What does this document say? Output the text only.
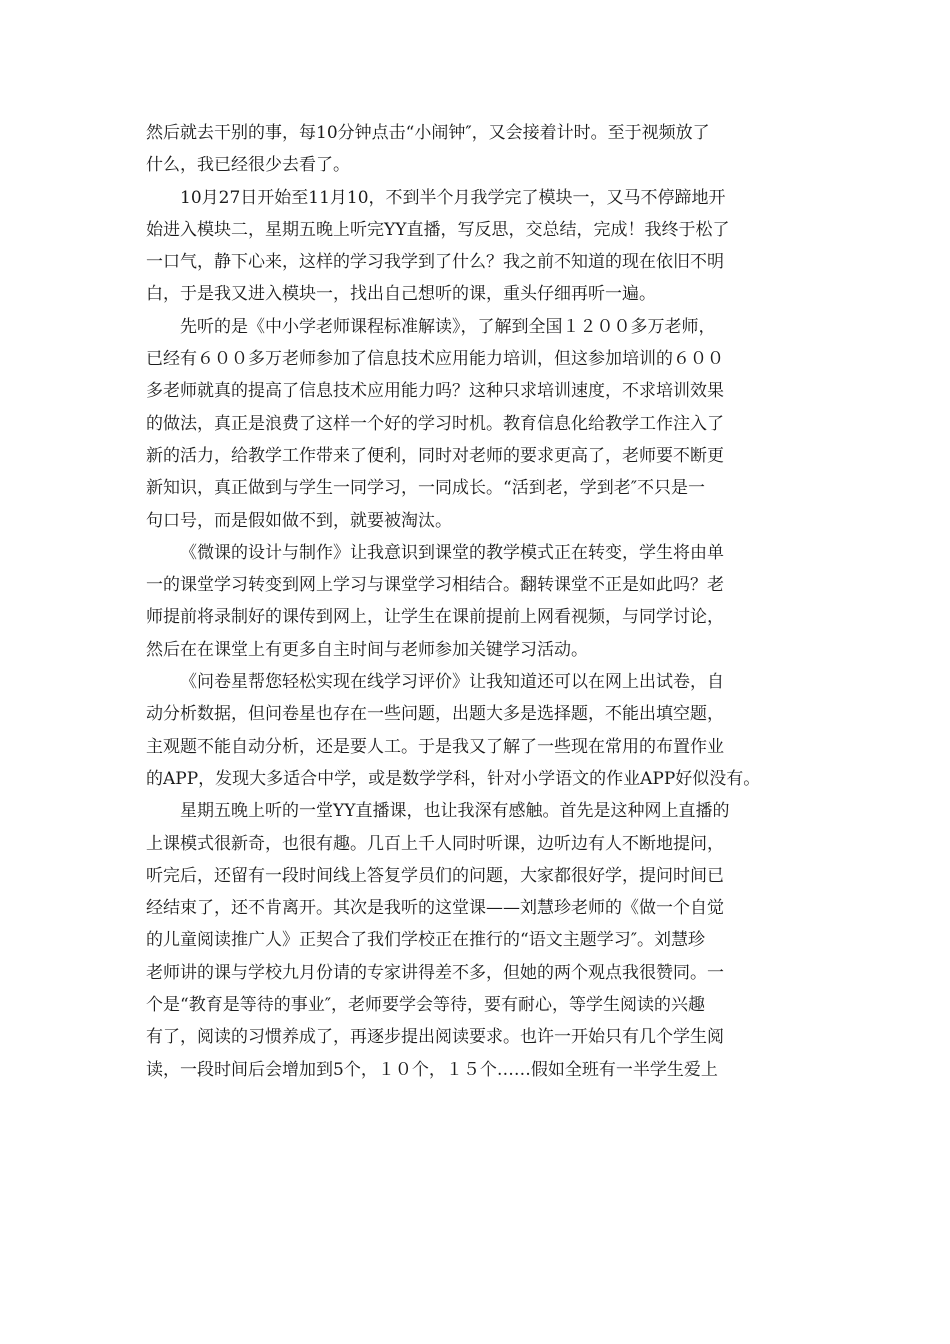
然后就去干别的事，每10分钟点击“小闹钟″，又会接着计时。至于视频放了
什么，我已经很少去看了。
10月27日开始至11月10，不到半个月我学完了模块一，又马不停蹄地开
始进入模块二，星期五晚上听完YY直播，写反思，交总结，完成！我终于松了
一口气，静下心来，这样的学习我学到了什么？我之前不知道的现在依旧不明
白，于是我又进入模块一，找出自己想听的课，重头仔细再听一遍。
先听的是《中小学老师课程标准解读》，了解到全国１２００多万老师，
已经有６００多万老师参加了信息技术应用能力培训，但这参加培训的６００
多老师就真的提高了信息技术应用能力吗？这种只求培训速度，不求培训效果
的做法，真正是浪费了这样一个好的学习时机。教育信息化给教学工作注入了
新的活力，给教学工作带来了便利，同时对老师的要求更高了，老师要不断更
新知识，真正做到与学生一同学习，一同成长。“活到老，学到老″不只是一
句口号，而是假如做不到，就要被淘汰。
《微课的设计与制作》让我意识到课堂的教学模式正在转变，学生将由单
一的课堂学习转变到网上学习与课堂学习相结合。翻转课堂不正是如此吗？老
师提前将录制好的课传到网上，让学生在课前提前上网看视频，与同学讨论，
然后在在课堂上有更多自主时间与老师参加关键学习活动。
《问卷星帮您轻松实现在线学习评价》让我知道还可以在网上出试卷，自
动分析数据，但问卷星也存在一些问题，出题大多是选择题，不能出填空题，
主观题不能自动分析，还是要人工。于是我又了解了一些现在常用的布置作业
的APP，发现大多适合中学，或是数学学科，针对小学语文的作业APP好似没有。
星期五晚上听的一堂YY直播课，也让我深有感触。首先是这种网上直播的
上课模式很新奇，也很有趣。几百上千人同时听课，边听边有人不断地提问，
听完后，还留有一段时间线上答复学员们的问题，大家都很好学，提问时间已
经结束了，还不肯离开。其次是我听的这堂课——刘慧珍老师的《做一个自觉
的儿童阅读推广人》正契合了我们学校正在推行的“语文主题学习″。刘慧珍
老师讲的课与学校九月份请的专家讲得差不多，但她的两个观点我很赞同。一
个是“教育是等待的事业″，老师要学会等待，要有耐心，等学生阅读的兴趣
有了，阅读的习惯养成了，再逐步提出阅读要求。也许一开始只有几个学生阅
读，一段时间后会增加到5个，１０个，１５个……假如全班有一半学生爱上
